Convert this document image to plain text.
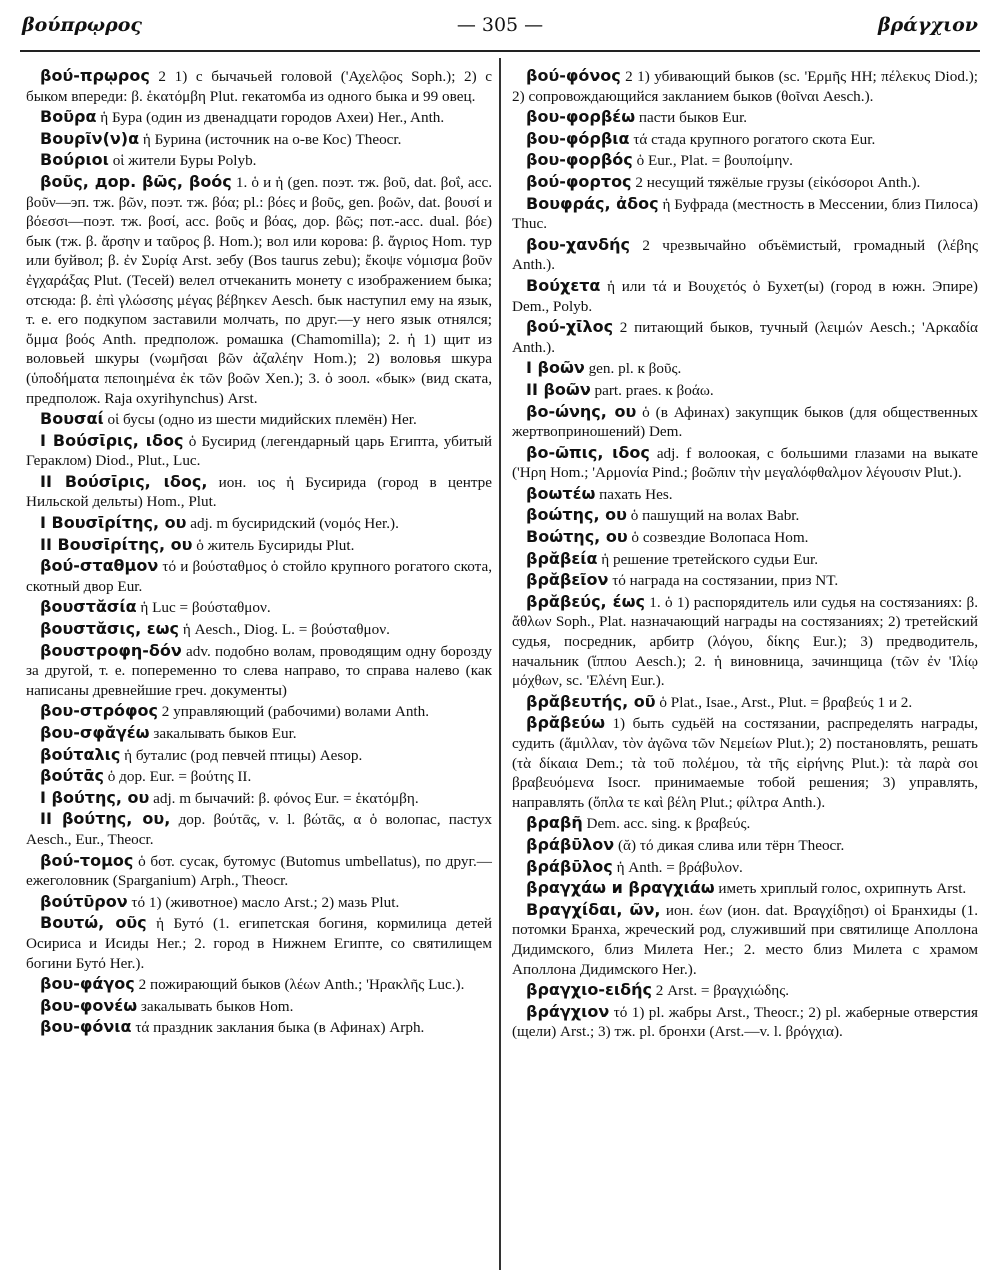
βούπρῳρος	— 305 —	βράγχιον

βού-πρῳρος 2 1) с бычачьей головой ('Αχελῷος Soph.); 2) с быком впереди: β. ἑκατόμβη Plut. гекатомба из одного быка и 99 овец.

Βοῦρα ἡ Бура (один из двенадцати городов Ахеи) Her., Anth.

Βουρῖν(ν)α ἡ Бурина (источник на о-ве Кос) Theocr.

Βούριοι οἱ жители Буры Polyb.

βοῦς, дор. βῶς, βοός 1. ὁ и ἡ (gen. поэт. тж. βοῦ, dat. βοΐ, acc. βοῦν—эп. тж. βῶν, поэт. тж. βόα; pl.: βόες и βοῦς, gen. βοῶν, dat. βουσί и βόεσσι—поэт. тж. βοσί, acc. βοῦς и βόας, дор. βῶς; пот.-acc. dual. βόε) бык (тж. β. ἄρσην и ταῦρος β. Hom.); вол или корова: β. ἄγριος Hom. тур или буйвол; β. ἐν Συρίᾳ Arst. зебу (Bos taurus zebu); ἔκοψε νόμισμα βοῦν ἐγχαράξας Plut. (Тесей) велел отчеканить монету с изображением быка; отсюда: β. ἐπὶ γλώσσης μέγας βέβηκεν Aesch. бык наступил ему на язык, т. е. его подкупом заставили молчать, по друг.—у него язык отнялся; ὄμμα βοός Anth. предполож. ромашка (Chamomilla); 2. ἡ 1) щит из воловьей шкуры (νωμῆσαι βῶν ἀζαλέην Hom.); 2) воловья шкура (ὑποδήματα πεποιημένα ἐκ τῶν βοῶν Xen.); 3. ὁ зоол. «бык» (вид ската, предполож. Raja oxyrihynchus) Arst.

Βουσαί οἱ бусы (одно из шести мидийских племён) Her.

I Βούσῑρις, ιδος ὁ Бусирид (легендарный царь Египта, убитый Гераклом) Diod., Plut., Luc.

II Βούσῑρις, ιδος, ион. ιος ἡ Бусирида (город в центре Нильской дельты) Hom., Plut.

I Βουσῑρίτης, ου adj. m бусиридский (νομός Her.).

II Βουσῑρίτης, ου ὁ житель Бусириды Plut.

βού-σταθμον τό и βούσταθμος ὁ стойло крупного рогатого скота, скотный двор Eur.

βουστᾰσία ἡ Luc = βούσταθμον.

βουστᾰσις, εως ἡ Aesch., Diog. L. = βούσταθμον.

βουστροφη-δόν adv. подобно волам, проводящим одну борозду за другой, т. е. попеременно то слева направо, то справа налево (как написаны древнейшие греч. документы)

βου-στρόφος 2 управляющий (рабочими) волами Anth.

βου-σφᾰγέω закалывать быков Eur.

βούταλις ἡ буталис (род певчей птицы) Aesop.

βούτᾱς ὁ дор. Eur. = βούτης II.

I βούτης, ου adj. m бычачий: β. φόνος Eur. = ἑκατόμβη.

II βούτης, ου, дор. βούτᾱς, v. l. βώτᾱς, α ὁ волопас, пастух Aesch., Eur., Theocr.

βού-τομος ὁ бот. сусак, бутомус (Butomus umbellatus), по друг.—ежеголовник (Sparganium) Arph., Theocr.

βούτῡρον τό 1) (животное) масло Arst.; 2) мазь Plut.

Βουτώ, οῦς ἡ Бутό (1. египетская богиня, кормилица детей Осириса и Исиды Her.; 2. город в Нижнем Египте, со святилищем богини Бутό Her.).

βου-φάγος 2 пожирающий быков (λέων Anth.; 'Ηρακλῆς Luc.).

βου-φονέω закалывать быков Hom.

βου-φόνια τά праздник заклания быка (в Афинах) Arph.

βού-φόνος 2 1) убивающий быков (sc. 'Ερμῆς HH; πέλεκυς Diod.); 2) сопровождающийся закланием быков (θοῖναι Aesch.).

βου-φορβέω пасти быков Eur.

βου-φόρβια τά стада крупного рогатого скота Eur.

βου-φορβός ὁ Eur., Plat. = βουποίμην.

βού-φορτος 2 несущий тяжёлые грузы (εἰκόσοροι Anth.).

Βουφράς, ἀδος ἡ Буфрада (местность в Мессении, близ Пилоса) Thuc.

βου-χανδής 2 чрезвычайно объёмистый, громадный (λέβης Anth.).

Βούχετα ἡ или τά и Βουχετός ὁ Бухет(ы) (город в южн. Эпире) Dem., Polyb.

βού-χῑλος 2 питающий быков, тучный (λειμών Aesch.; 'Αρκαδία Anth.).

I βοῶν gen. pl. к βοῦς.

II βοῶν part. praes. к βοάω.

βο-ώνης, ου ὁ (в Афинах) закупщик быков (для общественных жертвоприношений) Dem.

βο-ῶπις, ιδος adj. f волоокая, с большими глазами на выкате ('Ηρη Hom.; 'Αρμονία Pind.; βοῶπιν τὴν μεγαλόφθαλμον λέγουσιν Plut.).

βοωτέω пахать Hes.

βοώτης, ου ὁ пашущий на волах Babr.

Βοώτης, ου ὁ созвездие Волопаса Hom.

βρᾰβεία ἡ решение третейского судьи Eur.

βρᾰβεῖον τό награда на состязании, приз NT.

βρᾰβεύς, έως 1. ὁ 1) распорядитель или судья на состязаниях: β. ἄθλων Soph., Plat. назначающий награды на состязаниях; 2) третейский судья, посредник, арбитр (λόγου, δίκης Eur.); 3) предводитель, начальник (ἵππου Aesch.); 2. ἡ виновница, зачинщица (τῶν ἐν 'Ιλίῳ μόχθων, sc. 'Ελένη Eur.).

βρᾰβευτής, οῦ ὁ Plat., Isae., Arst., Plut. = βραβεύς 1 и 2.

βρᾰβεύω 1) быть судьёй на состязании, распределять награды, судить (ἅμιλλαν, τὸν ἀγῶνα τῶν Νεμείων Plut.); 2) постановлять, решать (τὰ δίκαια Dem.; τὰ τοῦ πολέμου, τὰ τῆς εἰρήνης Plut.): τὰ παρὰ σοι βραβευόμενα Isocr. принимаемые тобой решения; 3) управлять, направлять (ὅπλα τε καὶ βέλη Plut.; φίλτρα Anth.).

βραβῆ Dem. acc. sing. к βραβεύς.

βράβῡλον (ᾰ) τό дикая слива или тёрн Theocr.

βράβῡλος ἡ Anth. = βράβυλον.

βραγχάω и βραγχιάω иметь хриплый голос, охрипнуть Arst.

Βραγχίδαι, ῶν, ион. έων (ион. dat. Βραγχίδῃσι) οἱ Бранхиды (1. потомки Бранха, жреческий род, служивший при святилище Аполлона Дидимского, близ Милета Her.; 2. место близ Милета с храмом Аполлона Дидимского Her.).

βραγχιο-ειδής 2 Arst. = βραγχιώδης.

βράγχιον τό 1) pl. жабры Arst., Theocr.; 2) pl. жаберные отверстия (щели) Arst.; 3) тж. pl. бронхи (Arst.—v. l. βρόγχια).
